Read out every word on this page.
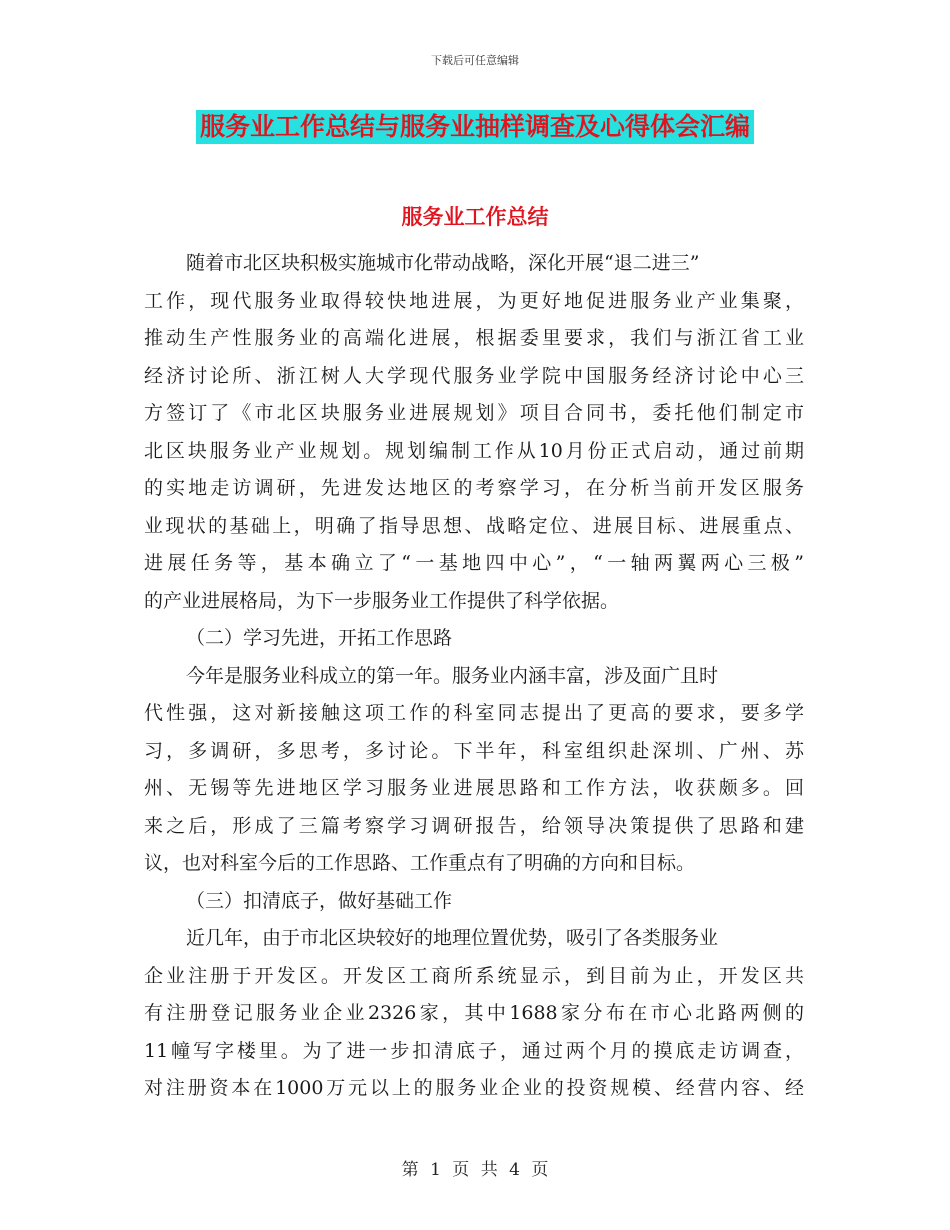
下载后可任意编辑
服务业工作总结与服务业抽样调查及心得体会汇编
服务业工作总结
随着市北区块积极实施城市化带动战略，深化开展“退二进三”
工作，现代服务业取得较快地进展，为更好地促进服务业产业集聚，
推动生产性服务业的高端化进展，根据委里要求，我们与浙江省工业
经济讨论所、浙江树人大学现代服务业学院中国服务经济讨论中心三
方签订了《市北区块服务业进展规划》项目合同书，委托他们制定市
北区块服务业产业规划。规划编制工作从10月份正式启动，通过前期
的实地走访调研，先进发达地区的考察学习，在分析当前开发区服务
业现状的基础上，明确了指导思想、战略定位、进展目标、进展重点、
进展任务等，基本确立了“一基地四中心”，“一轴两翼两心三极”
的产业进展格局，为下一步服务业工作提供了科学依据。
（二）学习先进，开拓工作思路
今年是服务业科成立的第一年。服务业内涵丰富，涉及面广且时
代性强，这对新接触这项工作的科室同志提出了更高的要求，要多学
习，多调研，多思考，多讨论。下半年，科室组织赴深圳、广州、苏
州、无锡等先进地区学习服务业进展思路和工作方法，收获颇多。回
来之后，形成了三篇考察学习调研报告，给领导决策提供了思路和建
议，也对科室今后的工作思路、工作重点有了明确的方向和目标。
（三）扣清底子，做好基础工作
近几年，由于市北区块较好的地理位置优势，吸引了各类服务业
企业注册于开发区。开发区工商所系统显示，到目前为止，开发区共
有注册登记服务业企业2326家，其中1688家分布在市心北路两侧的
11幢写字楼里。为了进一步扣清底子，通过两个月的摸底走访调查，
对注册资本在1000万元以上的服务业企业的投资规模、经营内容、经
第 1 页 共 4 页
